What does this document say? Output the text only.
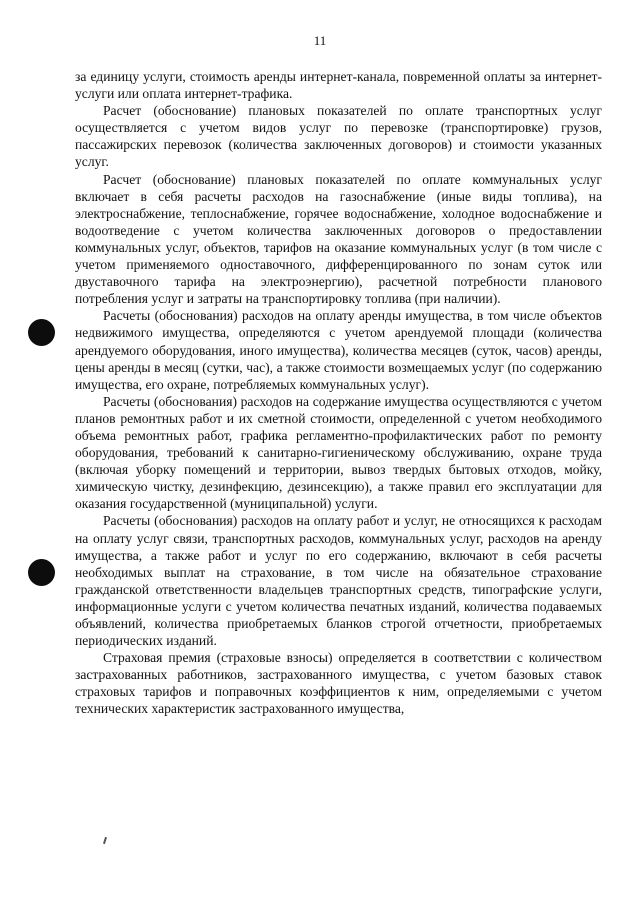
11

за единицу услуги, стоимость аренды интернет-канала, повременной оплаты за интернет-услуги или оплата интернет-трафика.

Расчет (обоснование) плановых показателей по оплате транспортных услуг осуществляется с учетом видов услуг по перевозке (транспортировке) грузов, пассажирских перевозок (количества заключенных договоров) и стоимости указанных услуг.

Расчет (обоснование) плановых показателей по оплате коммунальных услуг включает в себя расчеты расходов на газоснабжение (иные виды топлива), на электроснабжение, теплоснабжение, горячее водоснабжение, холодное водоснабжение и водоотведение с учетом количества заключенных договоров о предоставлении коммунальных услуг, объектов, тарифов на оказание коммунальных услуг (в том числе с учетом применяемого одноставочного, дифференцированного по зонам суток или двуставочного тарифа на электроэнергию), расчетной потребности планового потребления услуг и затраты на транспортировку топлива (при наличии).

Расчеты (обоснования) расходов на оплату аренды имущества, в том числе объектов недвижимого имущества, определяются с учетом арендуемой площади (количества арендуемого оборудования, иного имущества), количества месяцев (суток, часов) аренды, цены аренды в месяц (сутки, час), а также стоимости возмещаемых услуг (по содержанию имущества, его охране, потребляемых коммунальных услуг).

Расчеты (обоснования) расходов на содержание имущества осуществляются с учетом планов ремонтных работ и их сметной стоимости, определенной с учетом необходимого объема ремонтных работ, графика регламентно-профилактических работ по ремонту оборудования, требований к санитарно-гигиеническому обслуживанию, охране труда (включая уборку помещений и территории, вывоз твердых бытовых отходов, мойку, химическую чистку, дезинфекцию, дезинсекцию), а также правил его эксплуатации для оказания государственной (муниципальной) услуги.

Расчеты (обоснования) расходов на оплату работ и услуг, не относящихся к расходам на оплату услуг связи, транспортных расходов, коммунальных услуг, расходов на аренду имущества, а также работ и услуг по его содержанию, включают в себя расчеты необходимых выплат на страхование, в том числе на обязательное страхование гражданской ответственности владельцев транспортных средств, типографские услуги, информационные услуги с учетом количества печатных изданий, количества подаваемых объявлений, количества приобретаемых бланков строгой отчетности, приобретаемых периодических изданий.

Страховая премия (страховые взносы) определяется в соответствии с количеством застрахованных работников, застрахованного имущества, с учетом базовых ставок страховых тарифов и поправочных коэффициентов к ним, определяемыми с учетом технических характеристик застрахованного имущества,
